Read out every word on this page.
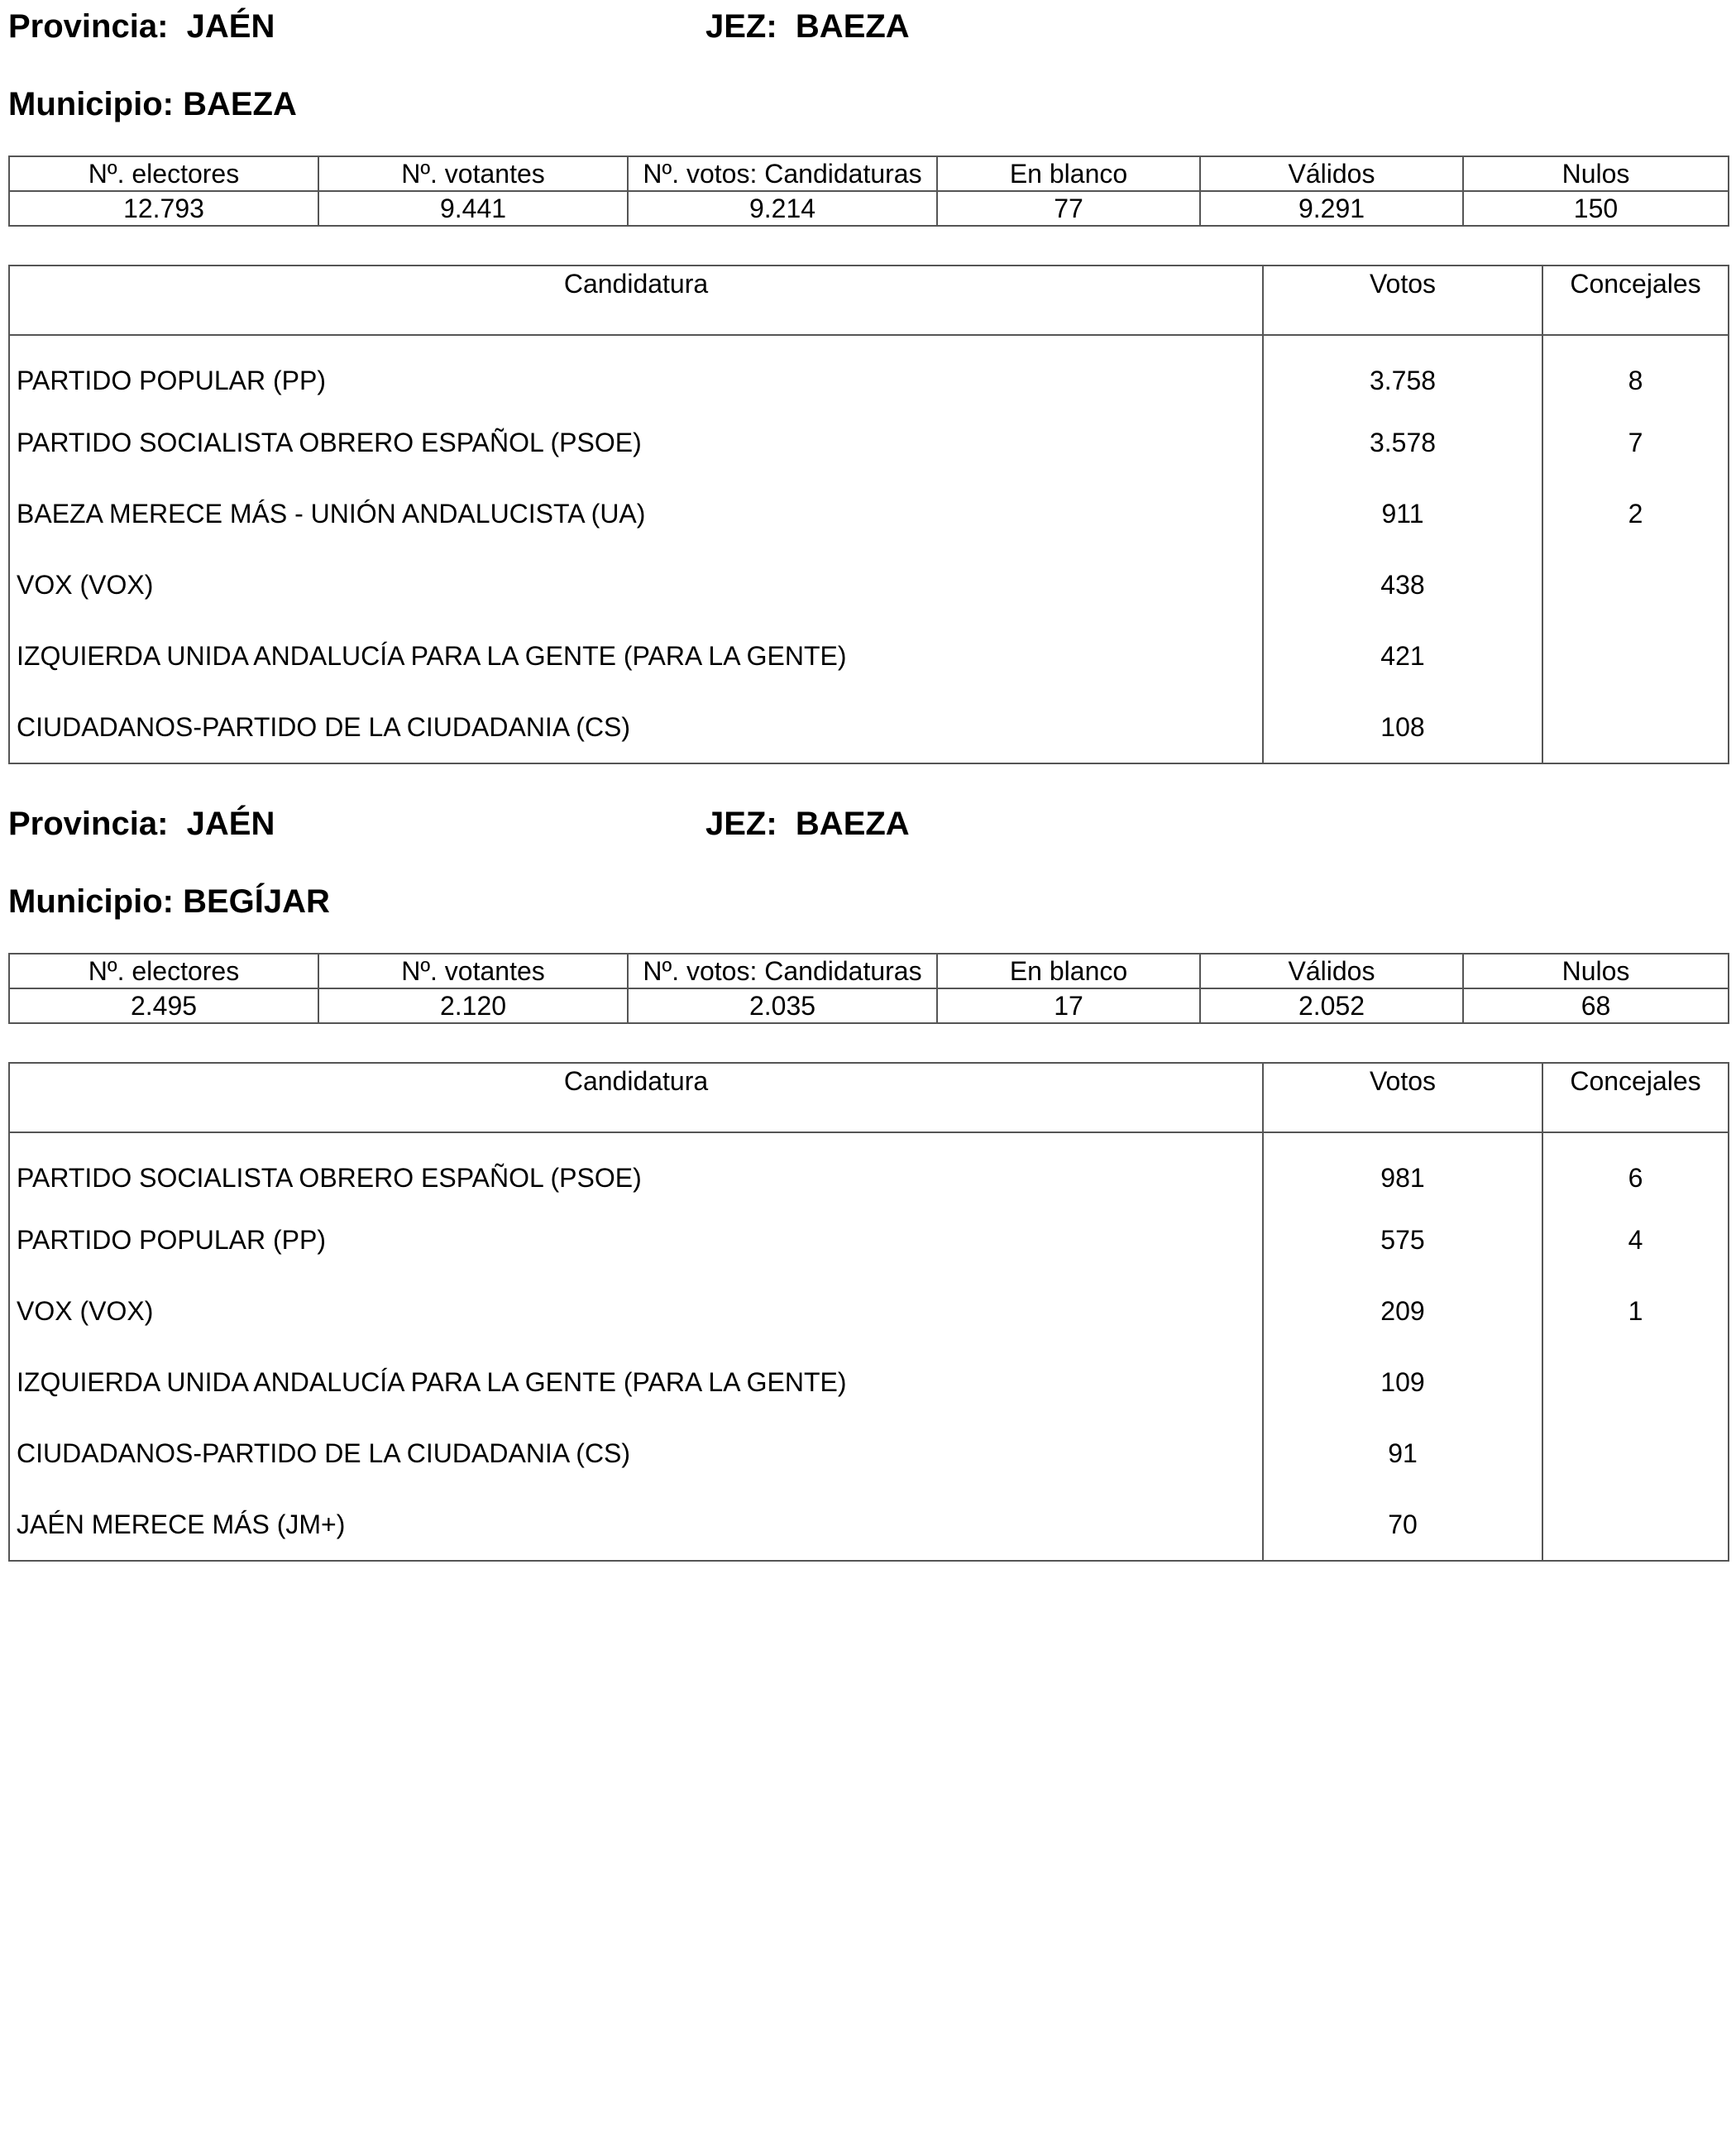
Provincia: JAÉN	JEZ: BAEZA
Municipio: BAEZA
Nº. electores	Nº. votantes	Nº. votos: Candidaturas	En blanco	Válidos	Nulos
12.793	9.441	9.214	77	9.291	150
Candidatura	Votos	Concejales
PARTIDO POPULAR (PP)	3.758	8
PARTIDO SOCIALISTA OBRERO ESPAÑOL (PSOE)	3.578	7
BAEZA MERECE MÁS - UNIÓN ANDALUCISTA (UA)	911	2
VOX (VOX)	438	
IZQUIERDA UNIDA ANDALUCÍA PARA LA GENTE (PARA LA GENTE)	421	
CIUDADANOS-PARTIDO DE LA CIUDADANIA (CS)	108	
Provincia: JAÉN	JEZ: BAEZA
Municipio: BEGÍJAR
Nº. electores	Nº. votantes	Nº. votos: Candidaturas	En blanco	Válidos	Nulos
2.495	2.120	2.035	17	2.052	68
Candidatura	Votos	Concejales
PARTIDO SOCIALISTA OBRERO ESPAÑOL (PSOE)	981	6
PARTIDO POPULAR (PP)	575	4
VOX (VOX)	209	1
IZQUIERDA UNIDA ANDALUCÍA PARA LA GENTE (PARA LA GENTE)	109	
CIUDADANOS-PARTIDO DE LA CIUDADANIA (CS)	91	
JAÉN MERECE MÁS (JM+)	70	
